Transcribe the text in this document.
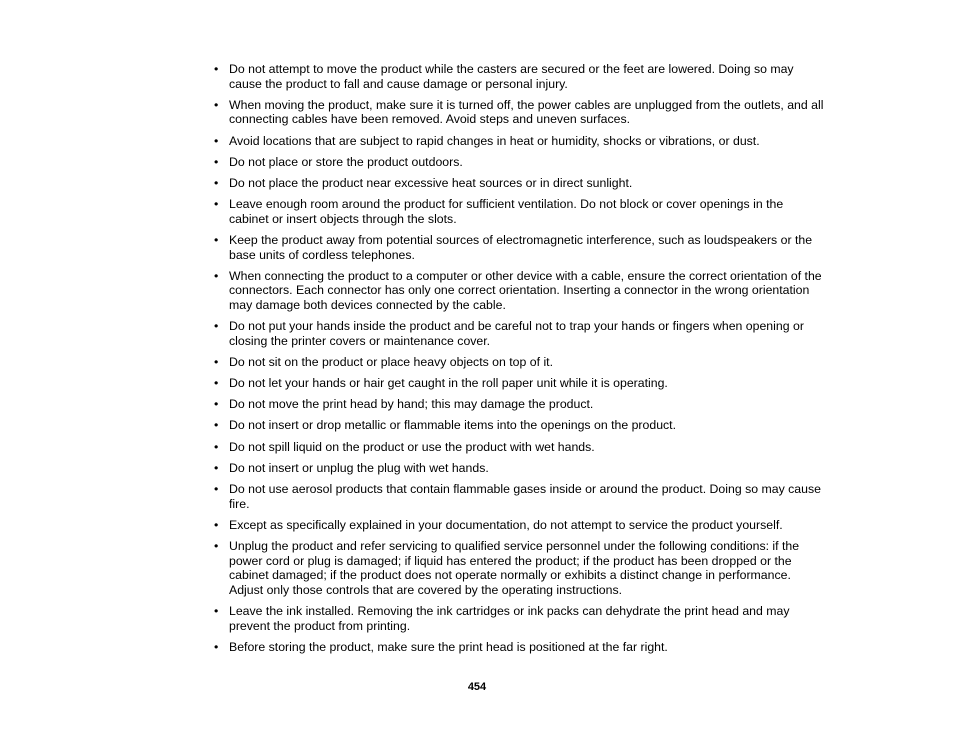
• Do not attempt to move the product while the casters are secured or the feet are lowered. Doing so may cause the product to fall and cause damage or personal injury.
• When moving the product, make sure it is turned off, the power cables are unplugged from the outlets, and all connecting cables have been removed. Avoid steps and uneven surfaces.
• Avoid locations that are subject to rapid changes in heat or humidity, shocks or vibrations, or dust.
• Do not place or store the product outdoors.
• Do not place the product near excessive heat sources or in direct sunlight.
• Leave enough room around the product for sufficient ventilation. Do not block or cover openings in the cabinet or insert objects through the slots.
• Keep the product away from potential sources of electromagnetic interference, such as loudspeakers or the base units of cordless telephones.
• When connecting the product to a computer or other device with a cable, ensure the correct orientation of the connectors. Each connector has only one correct orientation. Inserting a connector in the wrong orientation may damage both devices connected by the cable.
• Do not put your hands inside the product and be careful not to trap your hands or fingers when opening or closing the printer covers or maintenance cover.
• Do not sit on the product or place heavy objects on top of it.
• Do not let your hands or hair get caught in the roll paper unit while it is operating.
• Do not move the print head by hand; this may damage the product.
• Do not insert or drop metallic or flammable items into the openings on the product.
• Do not spill liquid on the product or use the product with wet hands.
• Do not insert or unplug the plug with wet hands.
• Do not use aerosol products that contain flammable gases inside or around the product. Doing so may cause fire.
• Except as specifically explained in your documentation, do not attempt to service the product yourself.
• Unplug the product and refer servicing to qualified service personnel under the following conditions: if the power cord or plug is damaged; if liquid has entered the product; if the product has been dropped or the cabinet damaged; if the product does not operate normally or exhibits a distinct change in performance. Adjust only those controls that are covered by the operating instructions.
• Leave the ink installed. Removing the ink cartridges or ink packs can dehydrate the print head and may prevent the product from printing.
• Before storing the product, make sure the print head is positioned at the far right.
454
